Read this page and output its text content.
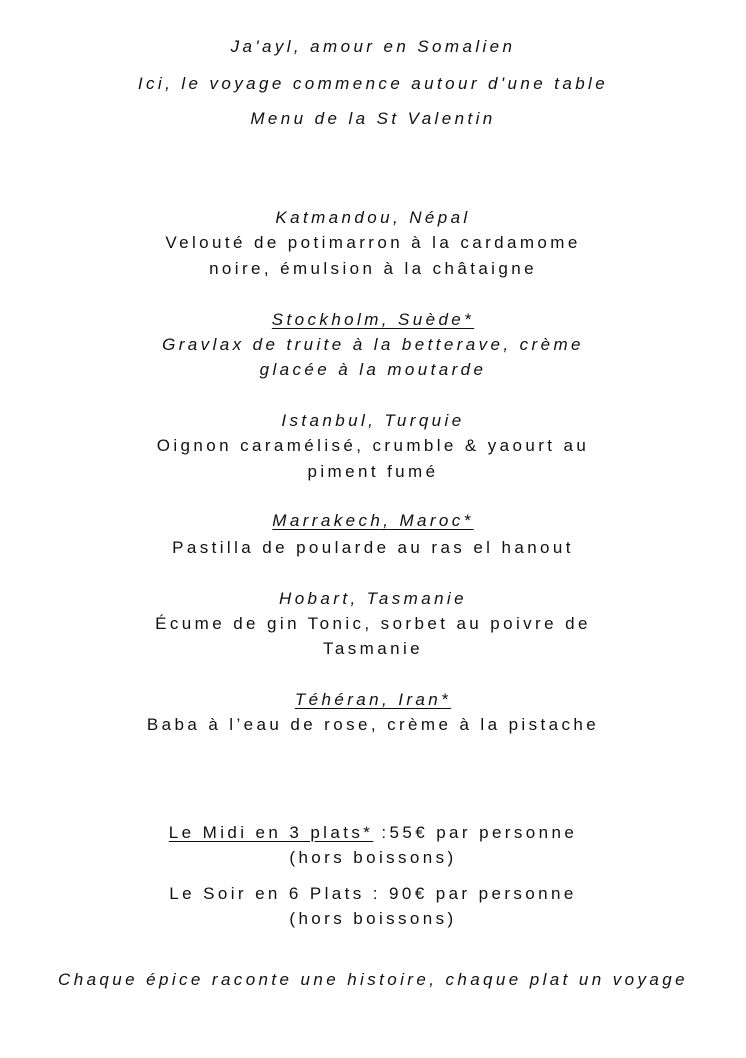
Ja'ayl, amour en Somalien
Ici, le voyage commence autour d'une table
Menu de la St Valentin
Katmandou, Népal
Velouté de potimarron à la cardamome
noire, émulsion à la châtaigne
Stockholm, Suède*
Gravlax de truite à la betterave, crème
glacée à la moutarde
Istanbul, Turquie
Oignon caramélisé, crumble & yaourt au
piment fumé
Marrakech, Maroc*
Pastilla de poularde au ras el hanout
Hobart, Tasmanie
Écume de gin Tonic, sorbet au poivre de
Tasmanie
Téhéran, Iran*
Baba à l’eau de rose, crème à la pistache
Le Midi en 3 plats* :55€ par personne
(hors boissons)
Le Soir en 6 Plats : 90€ par personne
(hors boissons)
Chaque épice raconte une histoire, chaque plat un voyage
